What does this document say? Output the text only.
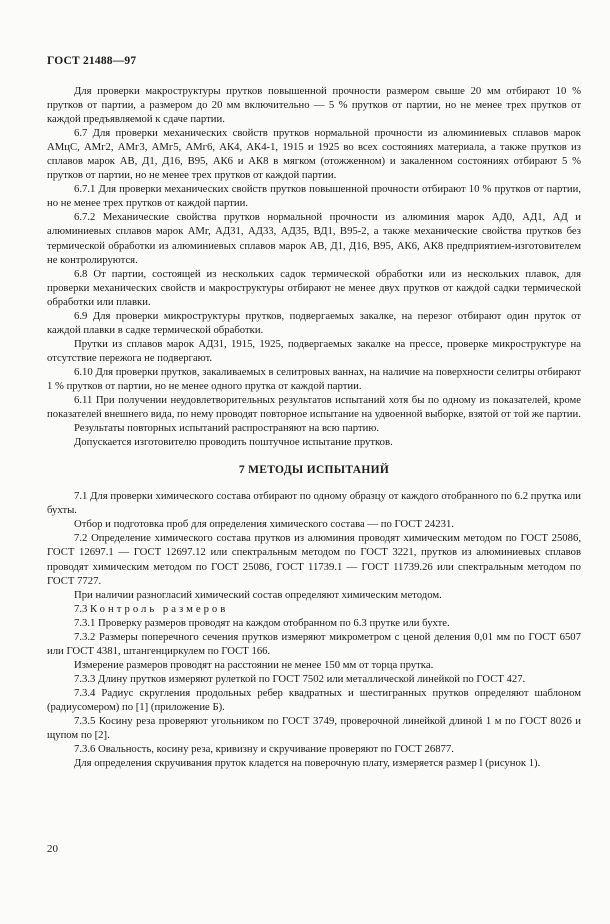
ГОСТ 21488—97

Для проверки макроструктуры прутков повышенной прочности размером свыше 20 мм отбирают 10 % прутков от партии, а размером до 20 мм включительно — 5 % прутков от партии, но не менее трех прутков от каждой предъявляемой к сдаче партии.

6.7 Для проверки механических свойств прутков нормальной прочности из алюминиевых сплавов марок АМцС, АМг2, АМг3, АМг5, АМг6, АК4, АК4-1, 1915 и 1925 во всех состояниях материала, а также прутков из сплавов марок АВ, Д1, Д16, В95, АК6 и АК8 в мягком (отожженном) и закаленном состояниях отбирают 5 % прутков от партии, но не менее трех прутков от каждой партии.

6.7.1 Для проверки механических свойств прутков повышенной прочности отбирают 10 % прутков от партии, но не менее трех прутков от каждой партии.

6.7.2 Механические свойства прутков нормальной прочности из алюминия марок АД0, АД1, АД и алюминиевых сплавов марок АМг, АД31, АД33, АД35, ВД1, В95-2, а также механические свойства прутков без термической обработки из алюминиевых сплавов марок АВ, Д1, Д16, В95, АК6, АК8 предприятием-изготовителем не контролируются.

6.8 От партии, состоящей из нескольких садок термической обработки или из нескольких плавок, для проверки механических свойств и макроструктуры отбирают не менее двух прутков от каждой садки термической обработки или плавки.

6.9 Для проверки микроструктуры прутков, подвергаемых закалке, на перезог отбирают один пруток от каждой плавки в садке термической обработки.

Прутки из сплавов марок АД31, 1915, 1925, подвергаемых закалке на прессе, проверке микроструктуре на отсутствие пережога не подвергают.

6.10 Для проверки прутков, закаливаемых в селитровых ваннах, на наличие на поверхности селитры отбирают 1 % прутков от партии, но не менее одного прутка от каждой партии.

6.11 При получении неудовлетворительных результатов испытаний хотя бы по одному из показателей, кроме показателей внешнего вида, по нему проводят повторное испытание на удвоенной выборке, взятой от той же партии.

Результаты повторных испытаний распространяют на всю партию.

Допускается изготовителю проводить поштучное испытание прутков.

7 МЕТОДЫ ИСПЫТАНИЙ

7.1 Для проверки химического состава отбирают по одному образцу от каждого отобранного по 6.2 прутка или бухты.

Отбор и подготовка проб для определения химического состава — по ГОСТ 24231.

7.2 Определение химического состава прутков из алюминия проводят химическим методом по ГОСТ 25086, ГОСТ 12697.1 — ГОСТ 12697.12 или спектральным методом по ГОСТ 3221, прутков из алюминиевых сплавов проводят химическим методом по ГОСТ 25086, ГОСТ 11739.1 — ГОСТ 11739.26 или спектральным методом по ГОСТ 7727.

При наличии разногласий химический состав определяют химическим методом.

7.3 Контроль размеров

7.3.1 Проверку размеров проводят на каждом отобранном по 6.3 прутке или бухте.

7.3.2 Размеры поперечного сечения прутков измеряют микрометром с ценой деления 0,01 мм по ГОСТ 6507 или ГОСТ 4381, штангенциркулем по ГОСТ 166.

Измерение размеров проводят на расстоянии не менее 150 мм от торца прутка.

7.3.3 Длину прутков измеряют рулеткой по ГОСТ 7502 или металлической линейкой по ГОСТ 427.

7.3.4 Радиус скругления продольных ребер квадратных и шестигранных прутков определяют шаблоном (радиусомером) по [1] (приложение Б).

7.3.5 Косину реза проверяют угольником по ГОСТ 3749, проверочной линейкой длиной 1 м по ГОСТ 8026 и щупом по [2].

7.3.6 Овальность, косину реза, кривизну и скручивание проверяют по ГОСТ 26877.

Для определения скручивания пруток кладется на поверочную плату, измеряется размер l (рисунок 1).

20
